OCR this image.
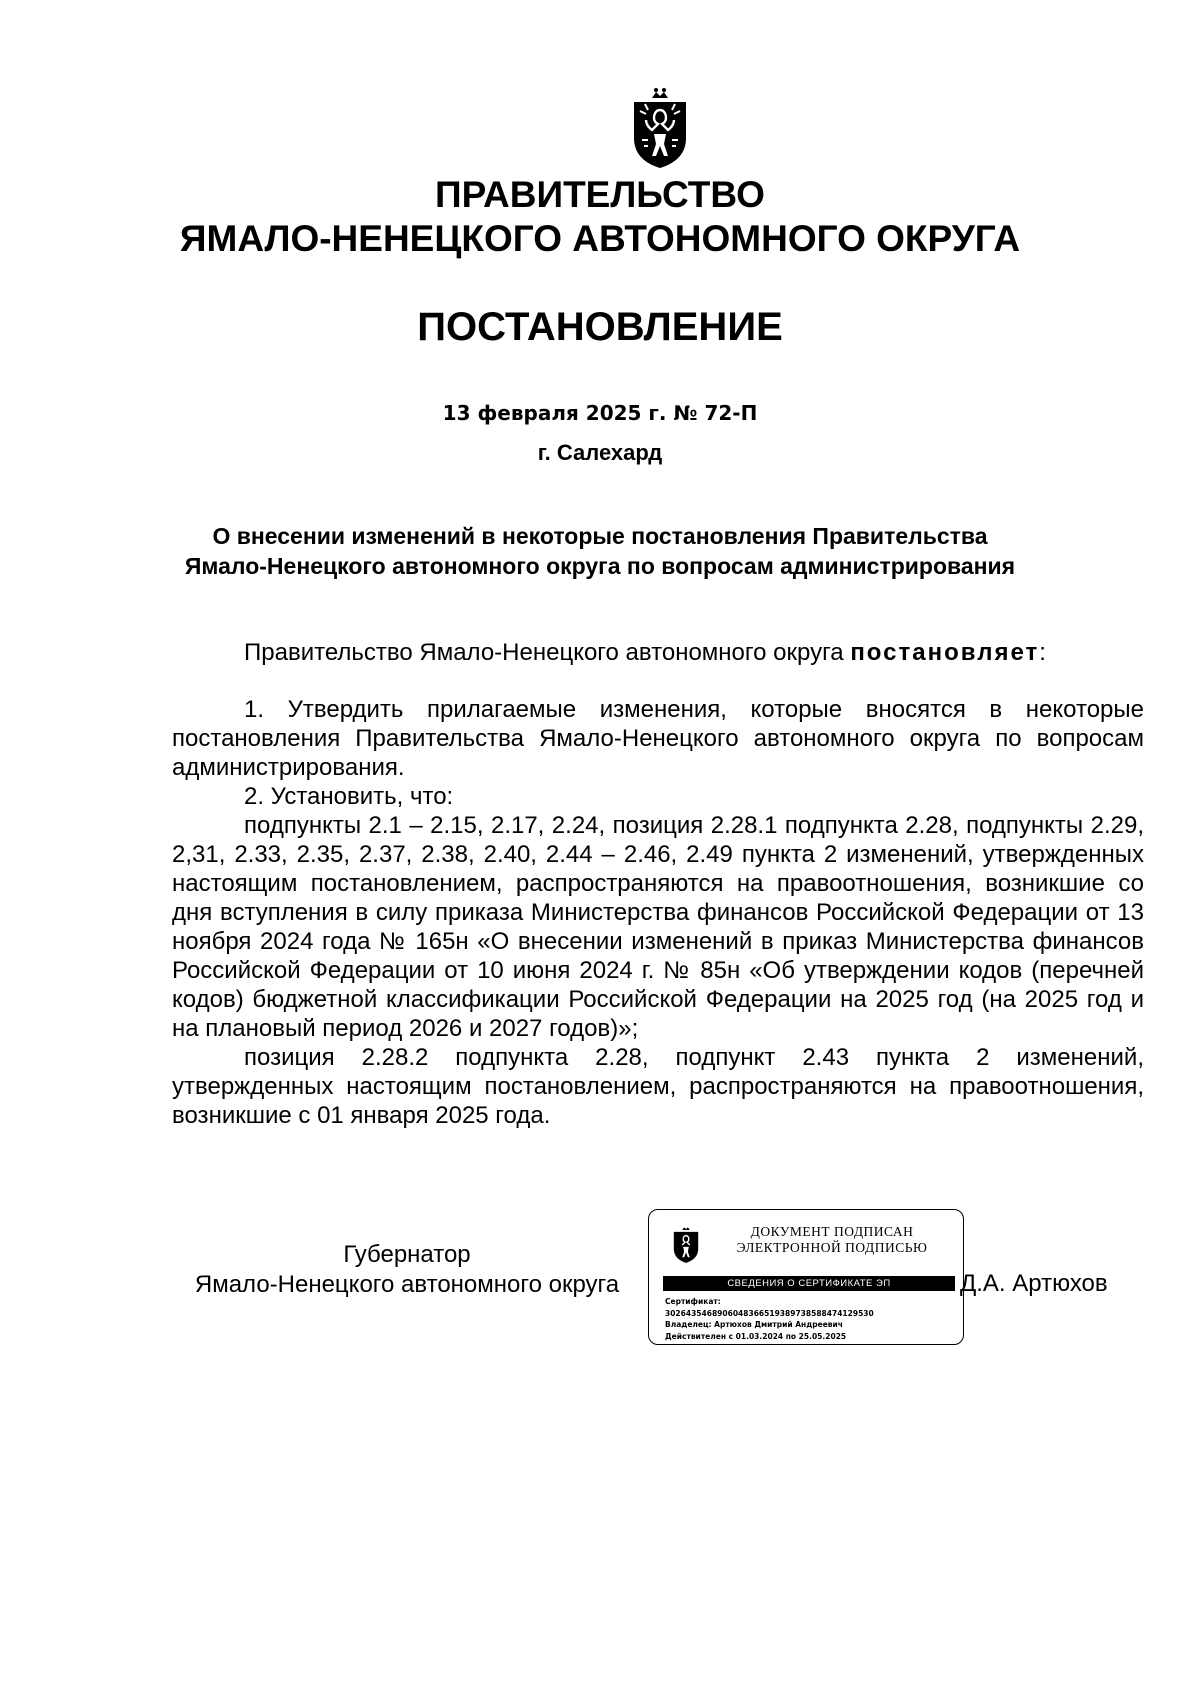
ПРАВИТЕЛЬСТВО
ЯМАЛО-НЕНЕЦКОГО АВТОНОМНОГО ОКРУГА
ПОСТАНОВЛЕНИЕ
13 февраля 2025 г. № 72-П
г. Салехард
О внесении изменений в некоторые постановления Правительства
Ямало-Ненецкого автономного округа по вопросам администрирования

Правительство Ямало-Ненецкого автономного округа постановляет:

1. Утвердить прилагаемые изменения, которые вносятся в некоторые постановления Правительства Ямало-Ненецкого автономного округа по вопросам администрирования.

2. Установить, что:

подпункты 2.1 – 2.15, 2.17, 2.24, позиция 2.28.1 подпункта 2.28, подпункты 2.29, 2,31, 2.33, 2.35, 2.37, 2.38, 2.40, 2.44 – 2.46, 2.49 пункта 2 изменений, утвержденных настоящим постановлением, распространяются на правоотношения, возникшие со дня вступления в силу приказа Министерства финансов Российской Федерации от 13 ноября 2024 года № 165н «О внесении изменений в приказ Министерства финансов Российской Федерации от 10 июня 2024 г. № 85н «Об утверждении кодов (перечней кодов) бюджетной классификации Российской Федерации на 2025 год (на 2025 год и на плановый период 2026 и 2027 годов)»;

позиция 2.28.2 подпункта 2.28, подпункт 2.43 пункта 2 изменений, утвержденных настоящим постановлением, распространяются на правоотношения, возникшие с 01 января 2025 года.

Губернатор
Ямало-Ненецкого автономного округа
ДОКУМЕНТ ПОДПИСАН
ЭЛЕКТРОННОЙ ПОДПИСЬЮ
СВЕДЕНИЯ О СЕРТИФИКАТЕ ЭП
Сертификат:
302643546890604836651938973858847412953​0
Владелец: Артюхов Дмитрий Андреевич
Действителен с 01.03.2024 по 25.05.2025
Д.А. Артюхов
